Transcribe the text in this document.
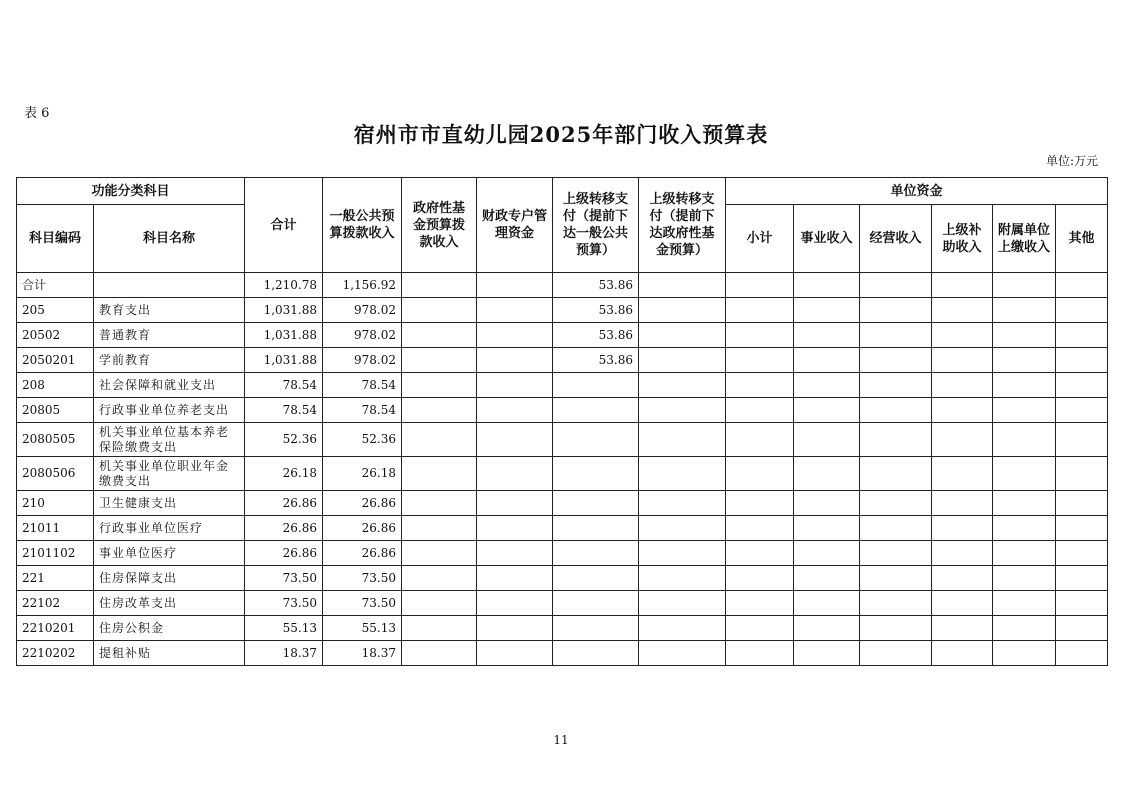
表 6
宿州市市直幼儿园2025年部门收入预算表
单位:万元
功能分类科目		合计	一般公共预算拨款收入	政府性基金预算拨款收入	财政专户管理资金	上级转移支付（提前下达一般公共预算）	上级转移支付（提前下达政府性基金预算）	单位资金					
科目编码	科目名称							小计	事业收入	经营收入	上级补助收入	附属单位上缴收入	其他
合计		1,210.78	1,156.92			53.86							
205	教育支出	1,031.88	978.02			53.86							
20502	普通教育	1,031.88	978.02			53.86							
2050201	学前教育	1,031.88	978.02			53.86							
208	社会保障和就业支出	78.54	78.54										
20805	行政事业单位养老支出	78.54	78.54										
2080505	机关事业单位基本养老保险缴费支出	52.36	52.36										
2080506	机关事业单位职业年金缴费支出	26.18	26.18										
210	卫生健康支出	26.86	26.86										
21011	行政事业单位医疗	26.86	26.86										
2101102	事业单位医疗	26.86	26.86										
221	住房保障支出	73.50	73.50										
22102	住房改革支出	73.50	73.50										
2210201	住房公积金	55.13	55.13										
2210202	提租补贴	18.37	18.37										
11
